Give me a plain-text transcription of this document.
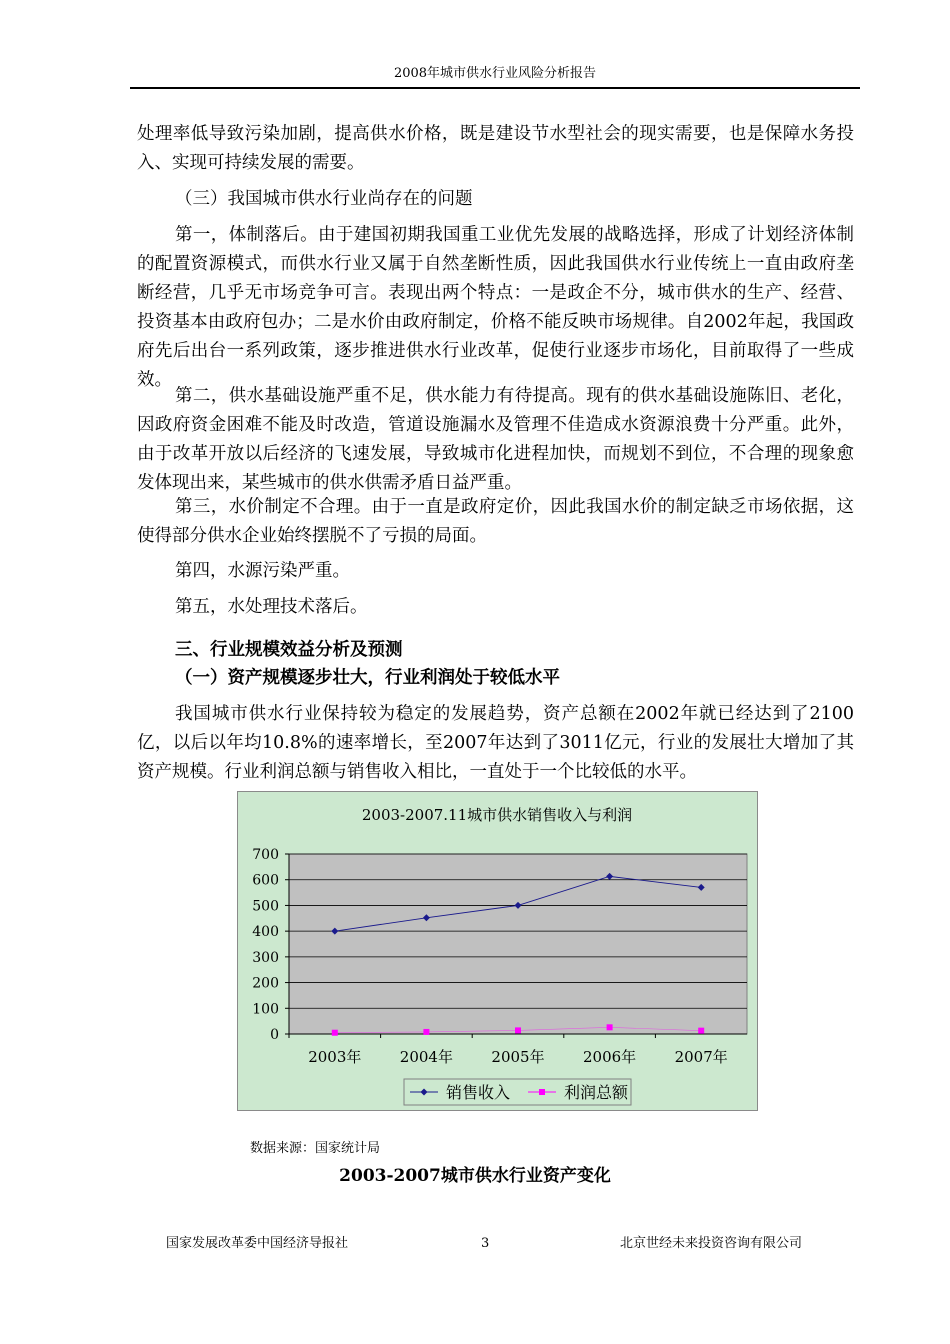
2008年城市供水行业风险分析报告
处理率低导致污染加剧，提高供水价格，既是建设节水型社会的现实需要，也是保障水务投入、实现可持续发展的需要。
（三）我国城市供水行业尚存在的问题
第一，体制落后。由于建国初期我国重工业优先发展的战略选择，形成了计划经济体制的配置资源模式，而供水行业又属于自然垄断性质，因此我国供水行业传统上一直由政府垄断经营，几乎无市场竞争可言。表现出两个特点：一是政企不分，城市供水的生产、经营、投资基本由政府包办；二是水价由政府制定，价格不能反映市场规律。自2002年起，我国政府先后出台一系列政策，逐步推进供水行业改革，促使行业逐步市场化，目前取得了一些成效。
第二，供水基础设施严重不足，供水能力有待提高。现有的供水基础设施陈旧、老化，因政府资金困难不能及时改造，管道设施漏水及管理不佳造成水资源浪费十分严重。此外，由于改革开放以后经济的飞速发展，导致城市化进程加快，而规划不到位，不合理的现象愈发体现出来，某些城市的供水供需矛盾日益严重。
第三，水价制定不合理。由于一直是政府定价，因此我国水价的制定缺乏市场依据，这使得部分供水企业始终摆脱不了亏损的局面。
第四，水源污染严重。
第五，水处理技术落后。
三、行业规模效益分析及预测
（一）资产规模逐步壮大，行业利润处于较低水平
我国城市供水行业保持较为稳定的发展趋势，资产总额在2002年就已经达到了2100亿，以后以年均10.8%的速率增长，至2007年达到了3011亿元，行业的发展壮大增加了其资产规模。行业利润总额与销售收入相比，一直处于一个比较低的水平。
2003-2007.11城市供水销售收入与利润
0
100
200
300
400
500
600
700
2003年	2004年	2005年	2006年	2007年
销售收入	利润总额
数据来源：国家统计局
2003-2007城市供水行业资产变化
国家发展改革委中国经济导报社	3	北京世经未来投资咨询有限公司
